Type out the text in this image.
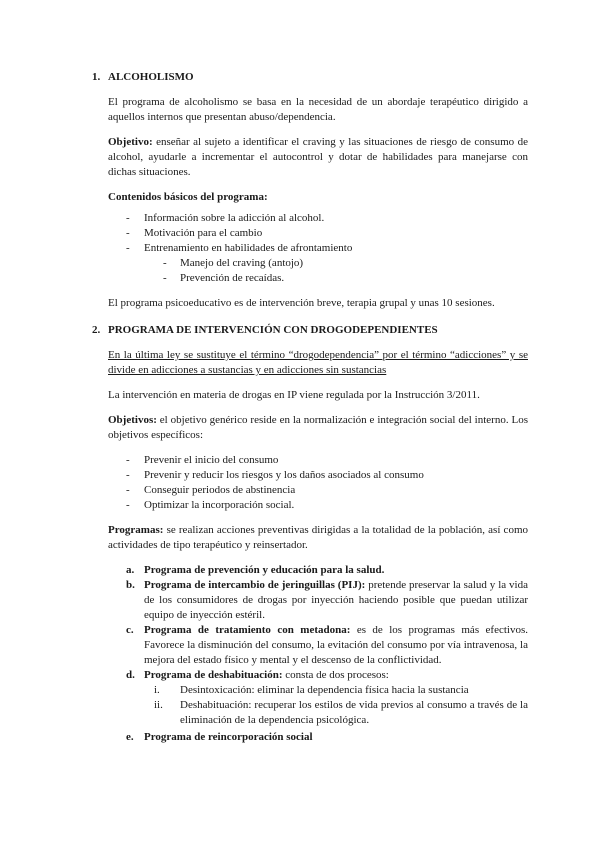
1. ALCOHOLISMO

El programa de alcoholismo se basa en la necesidad de un abordaje terapéutico dirigido a aquellos internos que presentan abuso/dependencia.

Objetivo: enseñar al sujeto a identificar el craving y las situaciones de riesgo de consumo de alcohol, ayudarle a incrementar el autocontrol y dotar de habilidades para manejarse con dichas situaciones.

Contenidos básicos del programa:

- Información sobre la adicción al alcohol.
- Motivación para el cambio
- Entrenamiento en habilidades de afrontamiento
- Manejo del craving (antojo)
- Prevención de recaídas.

El programa psicoeducativo es de intervención breve, terapia grupal y unas 10 sesiones.

2. PROGRAMA DE INTERVENCIÓN CON DROGODEPENDIENTES

En la última ley se sustituye el término “drogodependencia” por el término “adicciones” y se divide en adicciones a sustancias y en adicciones sin sustancias

La intervención en materia de drogas en IP viene regulada por la Instrucción 3/2011.

Objetivos: el objetivo genérico reside en la normalización e integración social del interno. Los objetivos específicos:

- Prevenir el inicio del consumo
- Prevenir y reducir los riesgos y los daños asociados al consumo
- Conseguir periodos de abstinencia
- Optimizar la incorporación social.

Programas: se realizan acciones preventivas dirigidas a la totalidad de la población, así como actividades de tipo terapéutico y reinsertador.

a. Programa de prevención y educación para la salud.
b. Programa de intercambio de jeringuillas (PIJ): pretende preservar la salud y la vida de los consumidores de drogas por inyección haciendo posible que puedan utilizar equipo de inyección estéril.
c. Programa de tratamiento con metadona: es de los programas más efectivos. Favorece la disminución del consumo, la evitación del consumo por vía intravenosa, la mejora del estado físico y mental y el descenso de la conflictividad.
d. Programa de deshabituación: consta de dos procesos:
i. Desintoxicación: eliminar la dependencia física hacia la sustancia
ii. Deshabituación: recuperar los estilos de vida previos al consumo a través de la eliminación de la dependencia psicológica.
e. Programa de reincorporación social
